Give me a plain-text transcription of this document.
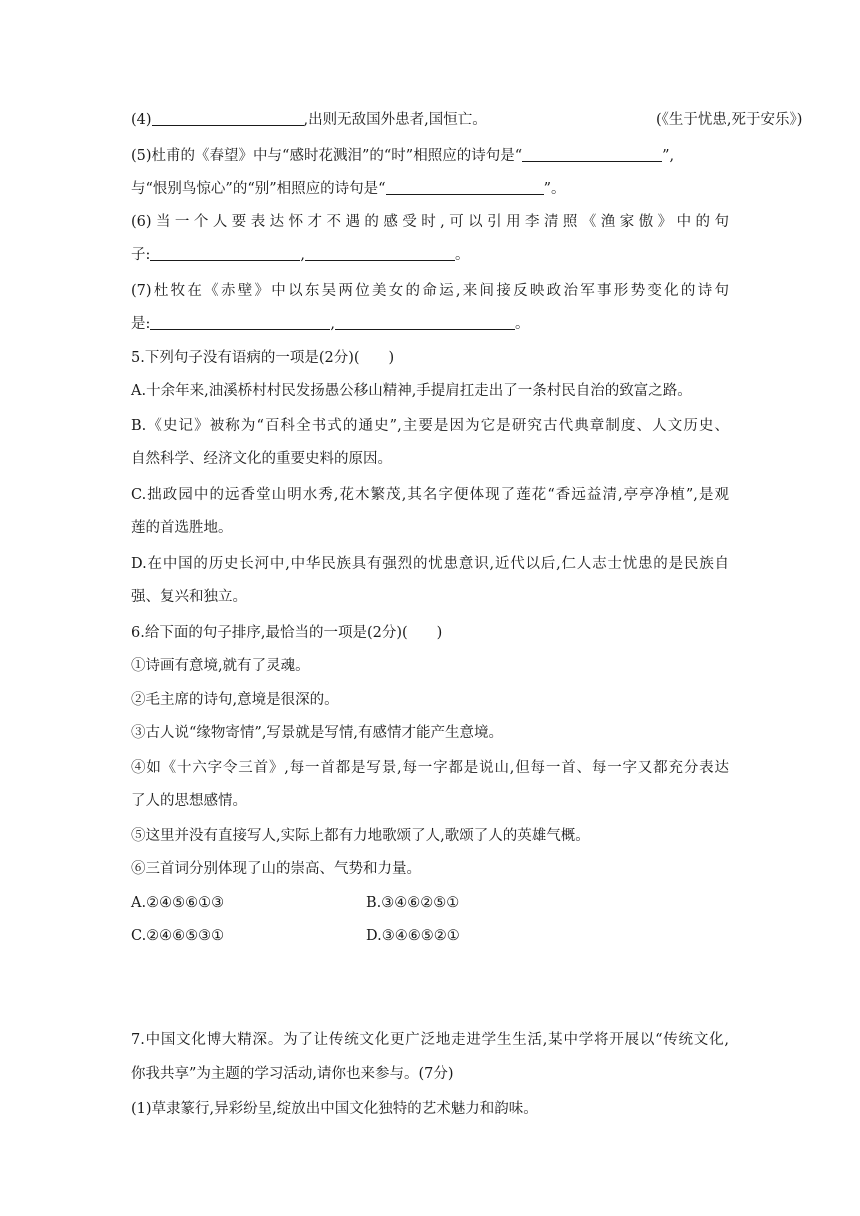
(4)	,出则无敌国外患者,国恒亡。	(《生于忧患,死于安乐》)
(5)杜甫的《春望》中与“感时花溅泪”的“时”相照应的诗句是“	”,
与“恨别鸟惊心”的“别”相照应的诗句是“	”。
(6)当一个人要表达怀才不遇的感受时,可以引用李清照《渔家傲》中的句
子:	,	。
(7)杜牧在《赤壁》中以东吴两位美女的命运,来间接反映政治军事形势变化的诗句
是:	,	。
5.下列句子没有语病的一项是(2分)(　　)
A.十余年来,油溪桥村村民发扬愚公移山精神,手提肩扛走出了一条村民自治的致富之路。
B.《史记》被称为“百科全书式的通史”,主要是因为它是研究古代典章制度、人文历史、
自然科学、经济文化的重要史料的原因。
C.拙政园中的远香堂山明水秀,花木繁茂,其名字便体现了莲花“香远益清,亭亭净植”,是观
莲的首选胜地。
D.在中国的历史长河中,中华民族具有强烈的忧患意识,近代以后,仁人志士忧患的是民族自
强、复兴和独立。
6.给下面的句子排序,最恰当的一项是(2分)(　　)
①诗画有意境,就有了灵魂。
②毛主席的诗句,意境是很深的。
③古人说“缘物寄情”,写景就是写情,有感情才能产生意境。
④如《十六字令三首》,每一首都是写景,每一字都是说山,但每一首、每一字又都充分表达
了人的思想感情。
⑤这里并没有直接写人,实际上都有力地歌颂了人,歌颂了人的英雄气概。
⑥三首词分别体现了山的崇高、气势和力量。
A.②④⑤⑥①③	B.③④⑥②⑤①
C.②④⑥⑤③①	D.③④⑥⑤②①
7.中国文化博大精深。为了让传统文化更广泛地走进学生生活,某中学将开展以“传统文化,
你我共享”为主题的学习活动,请你也来参与。(7分)
(1)草隶篆行,异彩纷呈,绽放出中国文化独特的艺术魅力和韵味。
